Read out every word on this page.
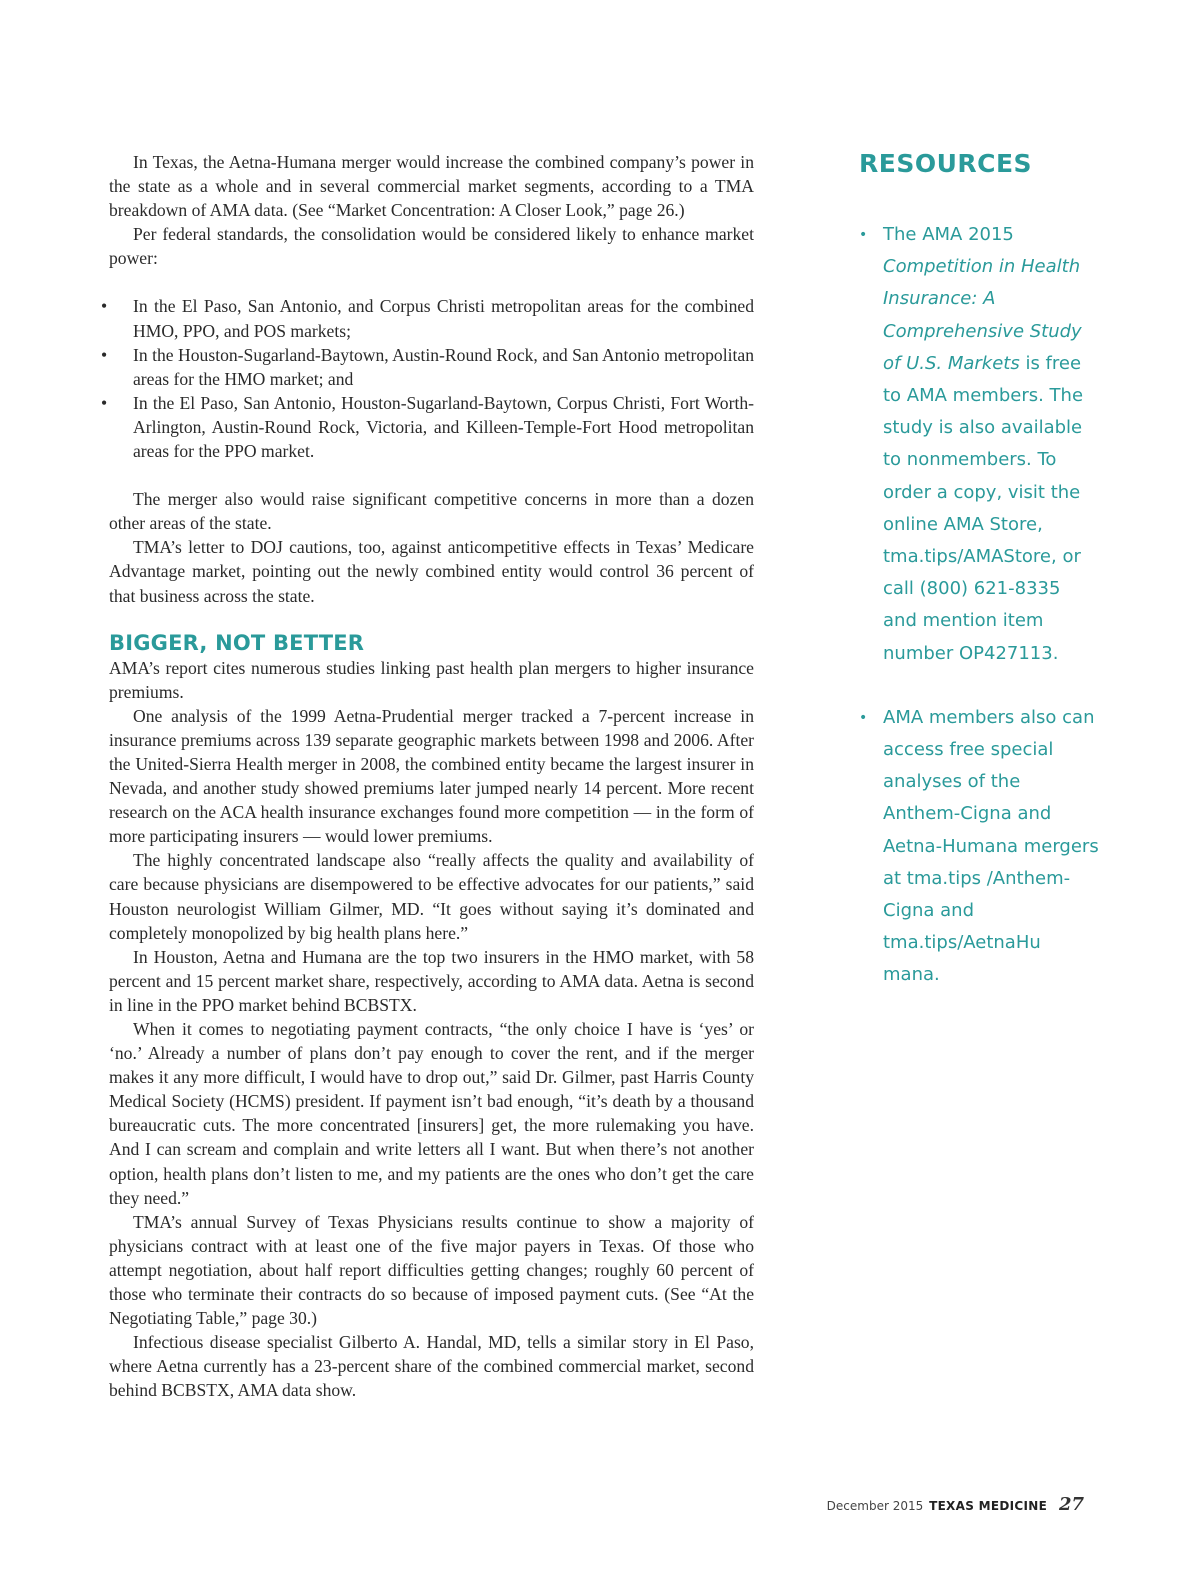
In Texas, the Aetna-Humana merger would increase the combined company’s power in the state as a whole and in several commercial market segments, according to a TMA breakdown of AMA data. (See “Market Concentration: A Closer Look,” page 26.)

Per federal standards, the consolidation would be considered likely to enhance market power:

• In the El Paso, San Antonio, and Corpus Christi metropolitan areas for the combined HMO, PPO, and POS markets;
• In the Houston-Sugarland-Baytown, Austin-Round Rock, and San Antonio metropolitan areas for the HMO market; and
• In the El Paso, San Antonio, Houston-Sugarland-Baytown, Corpus Christi, Fort Worth-Arlington, Austin-Round Rock, Victoria, and Killeen-Temple-Fort Hood metropolitan areas for the PPO market.

The merger also would raise significant competitive concerns in more than a dozen other areas of the state.

TMA’s letter to DOJ cautions, too, against anticompetitive effects in Texas’ Medicare Advantage market, pointing out the newly combined entity would control 36 percent of that business across the state.

BIGGER, NOT BETTER

AMA’s report cites numerous studies linking past health plan mergers to higher insurance premiums.

One analysis of the 1999 Aetna-Prudential merger tracked a 7-percent increase in insurance premiums across 139 separate geographic markets between 1998 and 2006. After the United-Sierra Health merger in 2008, the combined entity became the largest insurer in Nevada, and another study showed premiums later jumped nearly 14 percent. More recent research on the ACA health insurance exchanges found more competition — in the form of more participating insurers — would lower premiums.

The highly concentrated landscape also “really affects the quality and availability of care because physicians are disempowered to be effective advocates for our patients,” said Houston neurologist William Gilmer, MD. “It goes without saying it’s dominated and completely monopolized by big health plans here.”

In Houston, Aetna and Humana are the top two insurers in the HMO market, with 58 percent and 15 percent market share, respectively, according to AMA data. Aetna is second in line in the PPO market behind BCBSTX.

When it comes to negotiating payment contracts, “the only choice I have is ‘yes’ or ‘no.’ Already a number of plans don’t pay enough to cover the rent, and if the merger makes it any more difficult, I would have to drop out,” said Dr. Gilmer, past Harris County Medical Society (HCMS) president. If payment isn’t bad enough, “it’s death by a thousand bureaucratic cuts. The more concentrated [insurers] get, the more rulemaking you have. And I can scream and complain and write letters all I want. But when there’s not another option, health plans don’t listen to me, and my patients are the ones who don’t get the care they need.”

TMA’s annual Survey of Texas Physicians results continue to show a majority of physicians contract with at least one of the five major payers in Texas. Of those who attempt negotiation, about half report difficulties getting changes; roughly 60 percent of those who terminate their contracts do so because of imposed payment cuts. (See “At the Negotiating Table,” page 30.)

Infectious disease specialist Gilberto A. Handal, MD, tells a similar story in El Paso, where Aetna currently has a 23-percent share of the combined commercial market, second behind BCBSTX, AMA data show.

RESOURCES
• The AMA 2015 Competition in Health Insurance: A Comprehensive Study of U.S. Markets is free to AMA members. The study is also available to nonmembers. To order a copy, visit the online AMA Store, tma.tips/AMAStore, or call (800) 621-8335 and mention item number OP427113.
• AMA members also can access free special analyses of the Anthem-Cigna and Aetna-Humana mergers at tma.tips /Anthem-Cigna and tma.tips/AetnaHu mana.
December 2015 TEXAS MEDICINE 27
